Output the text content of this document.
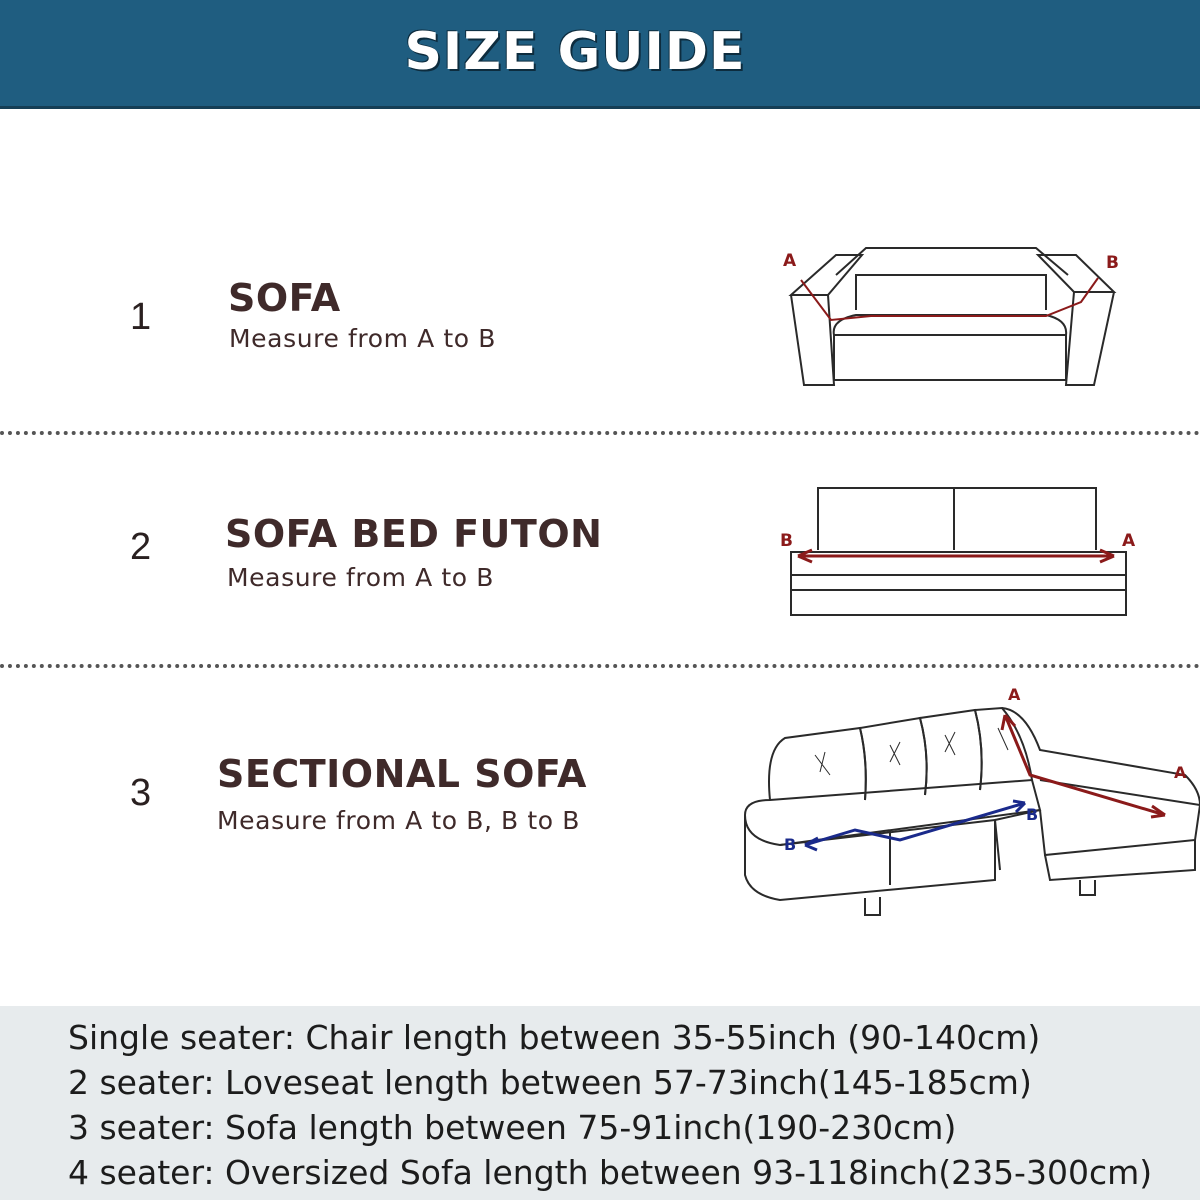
SIZE GUIDE
1 SOFA
Measure from A to B
A	B
2 SOFA BED FUTON
Measure from A to B
B	A
3 SECTIONAL SOFA
Measure from A to B, B to B
A
A
B
B
Single seater: Chair length between 35-55inch (90-140cm)
2 seater: Loveseat length between 57-73inch(145-185cm)
3 seater: Sofa length between 75-91inch(190-230cm)
4 seater: Oversized Sofa length between 93-118inch(235-300cm)
